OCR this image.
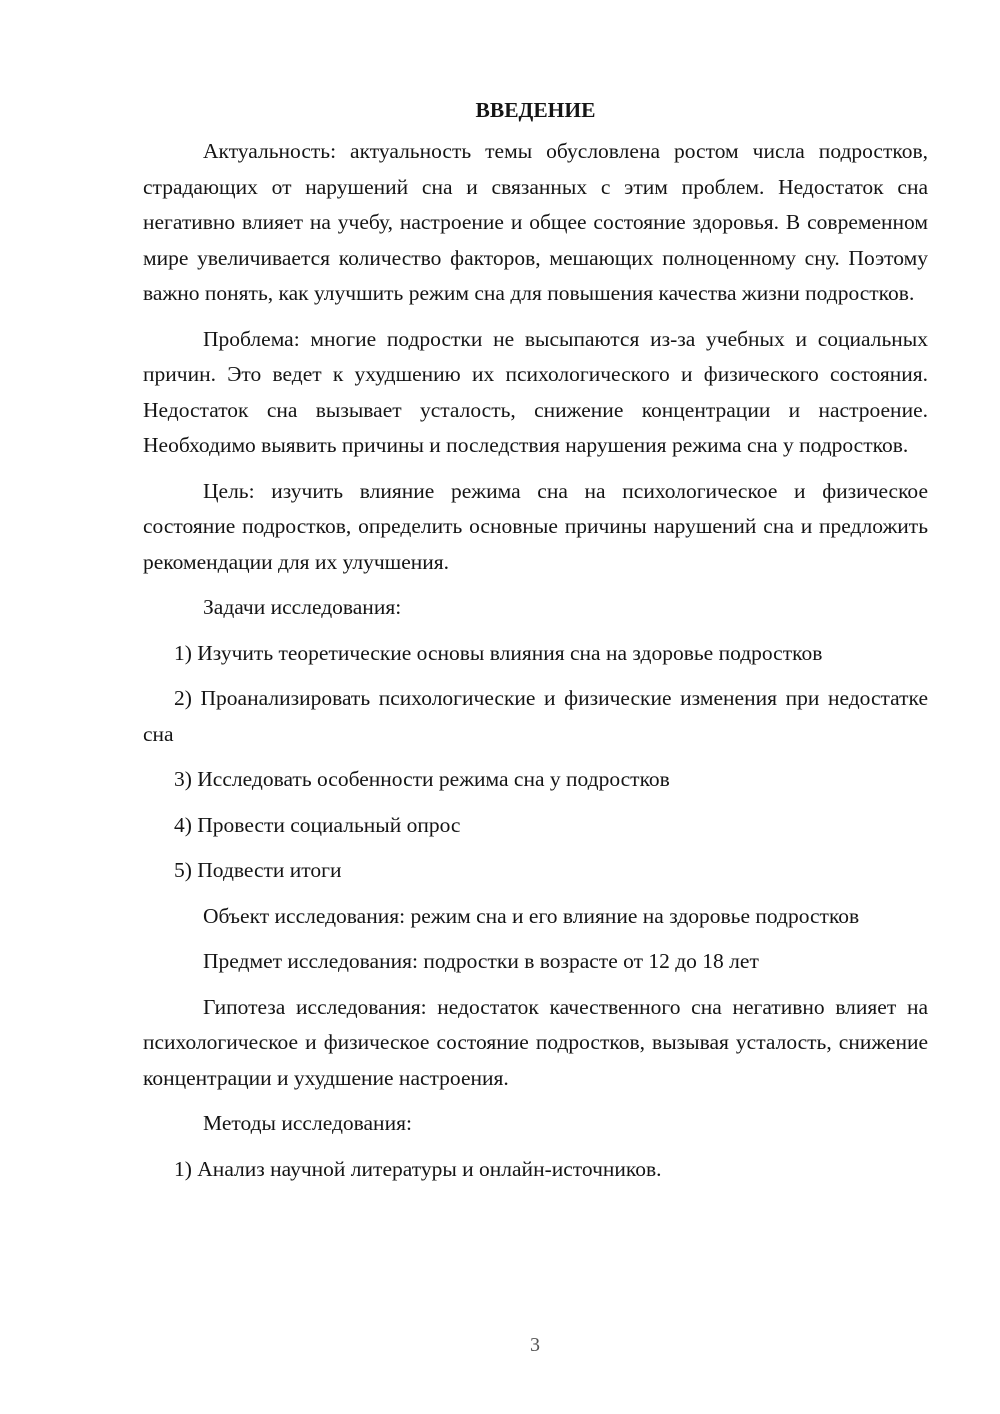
ВВЕДЕНИЕ

Актуальность: актуальность темы обусловлена ростом числа подростков, страдающих от нарушений сна и связанных с этим проблем. Недостаток сна негативно влияет на учебу, настроение и общее состояние здоровья. В современном мире увеличивается количество факторов, мешающих полноценному сну. Поэтому важно понять, как улучшить режим сна для повышения качества жизни подростков.

Проблема: многие подростки не высыпаются из-за учебных и социальных причин. Это ведет к ухудшению их психологического и физического состояния. Недостаток сна вызывает усталость, снижение концентрации и настроение. Необходимо выявить причины и последствия нарушения режима сна у подростков.

Цель: изучить влияние режима сна на психологическое и физическое состояние подростков, определить основные причины нарушений сна и предложить рекомендации для их улучшения.

Задачи исследования:

1) Изучить теоретические основы влияния сна на здоровье подростков

2) Проанализировать психологические и физические изменения при недостатке сна

3) Исследовать особенности режима сна у подростков

4) Провести социальный опрос

5) Подвести итоги

Объект исследования: режим сна и его влияние на здоровье подростков

Предмет исследования: подростки в возрасте от 12 до 18 лет

Гипотеза исследования: недостаток качественного сна негативно влияет на психологическое и физическое состояние подростков, вызывая усталость, снижение концентрации и ухудшение настроения.

Методы исследования:

1) Анализ научной литературы и онлайн-источников.

3
